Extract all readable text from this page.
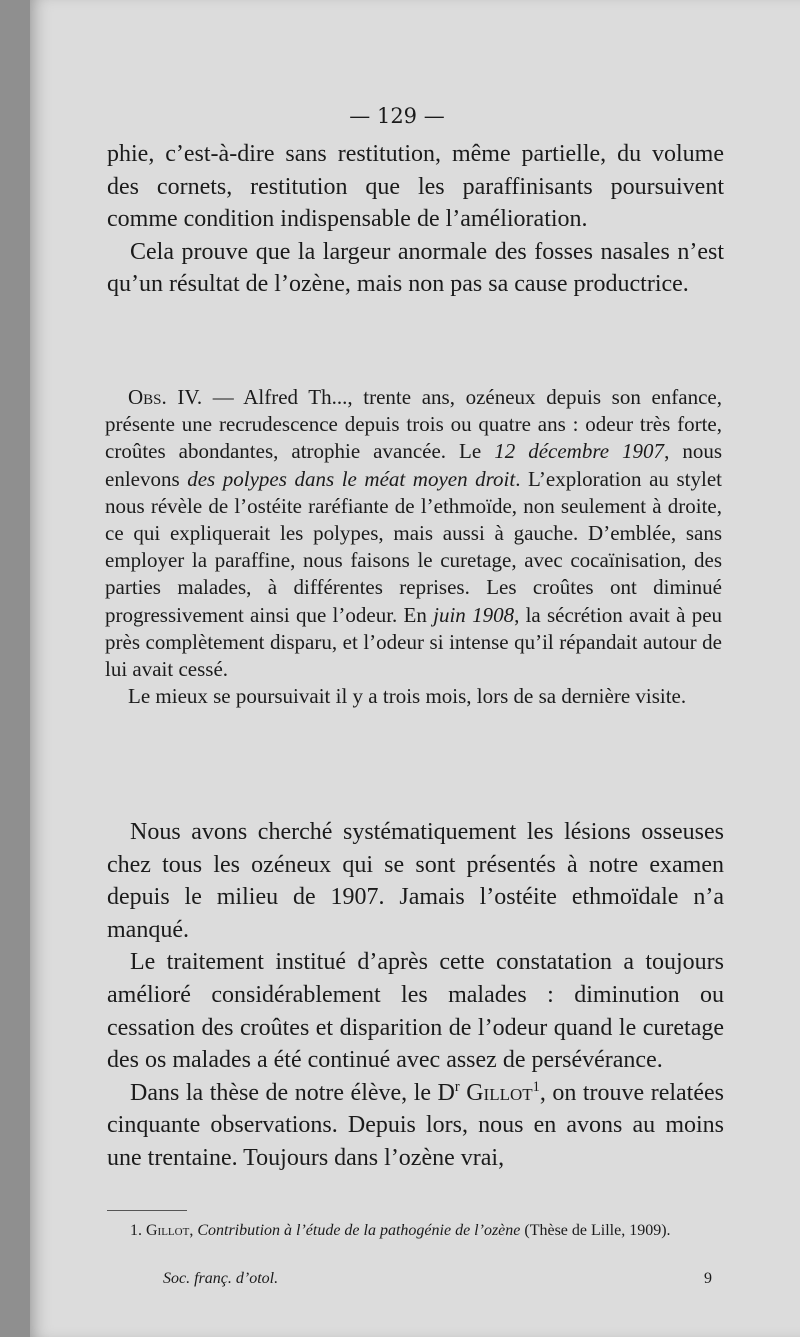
— 129 —

phie, c’est-à-dire sans restitution, même partielle, du volume des cornets, restitution que les paraffinisants poursuivent comme condition indispensable de l’amélioration.

Cela prouve que la largeur anormale des fosses nasales n’est qu’un résultat de l’ozène, mais non pas sa cause productrice.

Obs. IV. — Alfred Th..., trente ans, ozéneux depuis son enfance, présente une recrudescence depuis trois ou quatre ans : odeur très forte, croûtes abondantes, atrophie avancée. Le 12 décembre 1907, nous enlevons des polypes dans le méat moyen droit. L’exploration au stylet nous révèle de l’ostéite raréfiante de l’ethmoïde, non seulement à droite, ce qui expliquerait les polypes, mais aussi à gauche. D’emblée, sans employer la paraffine, nous faisons le curetage, avec cocaïnisation, des parties malades, à différentes reprises. Les croûtes ont diminué progressivement ainsi que l’odeur. En juin 1908, la sécrétion avait à peu près complètement disparu, et l’odeur si intense qu’il répandait autour de lui avait cessé.

Le mieux se poursuivait il y a trois mois, lors de sa dernière visite.

Nous avons cherché systématiquement les lésions osseuses chez tous les ozéneux qui se sont présentés à notre examen depuis le milieu de 1907. Jamais l’ostéite ethmoïdale n’a manqué.

Le traitement institué d’après cette constatation a toujours amélioré considérablement les malades : diminution ou cessation des croûtes et disparition de l’odeur quand le curetage des os malades a été continué avec assez de persévérance.

Dans la thèse de notre élève, le $D^r$ Gillot$^1$, on trouve relatées cinquante observations. Depuis lors, nous en avons au moins une trentaine. Toujours dans l’ozène vrai,

1. Gillot, Contribution à l’étude de la pathogénie de l’ozène (Thèse de Lille, 1909).

Soc. franç. d’otol.	9
